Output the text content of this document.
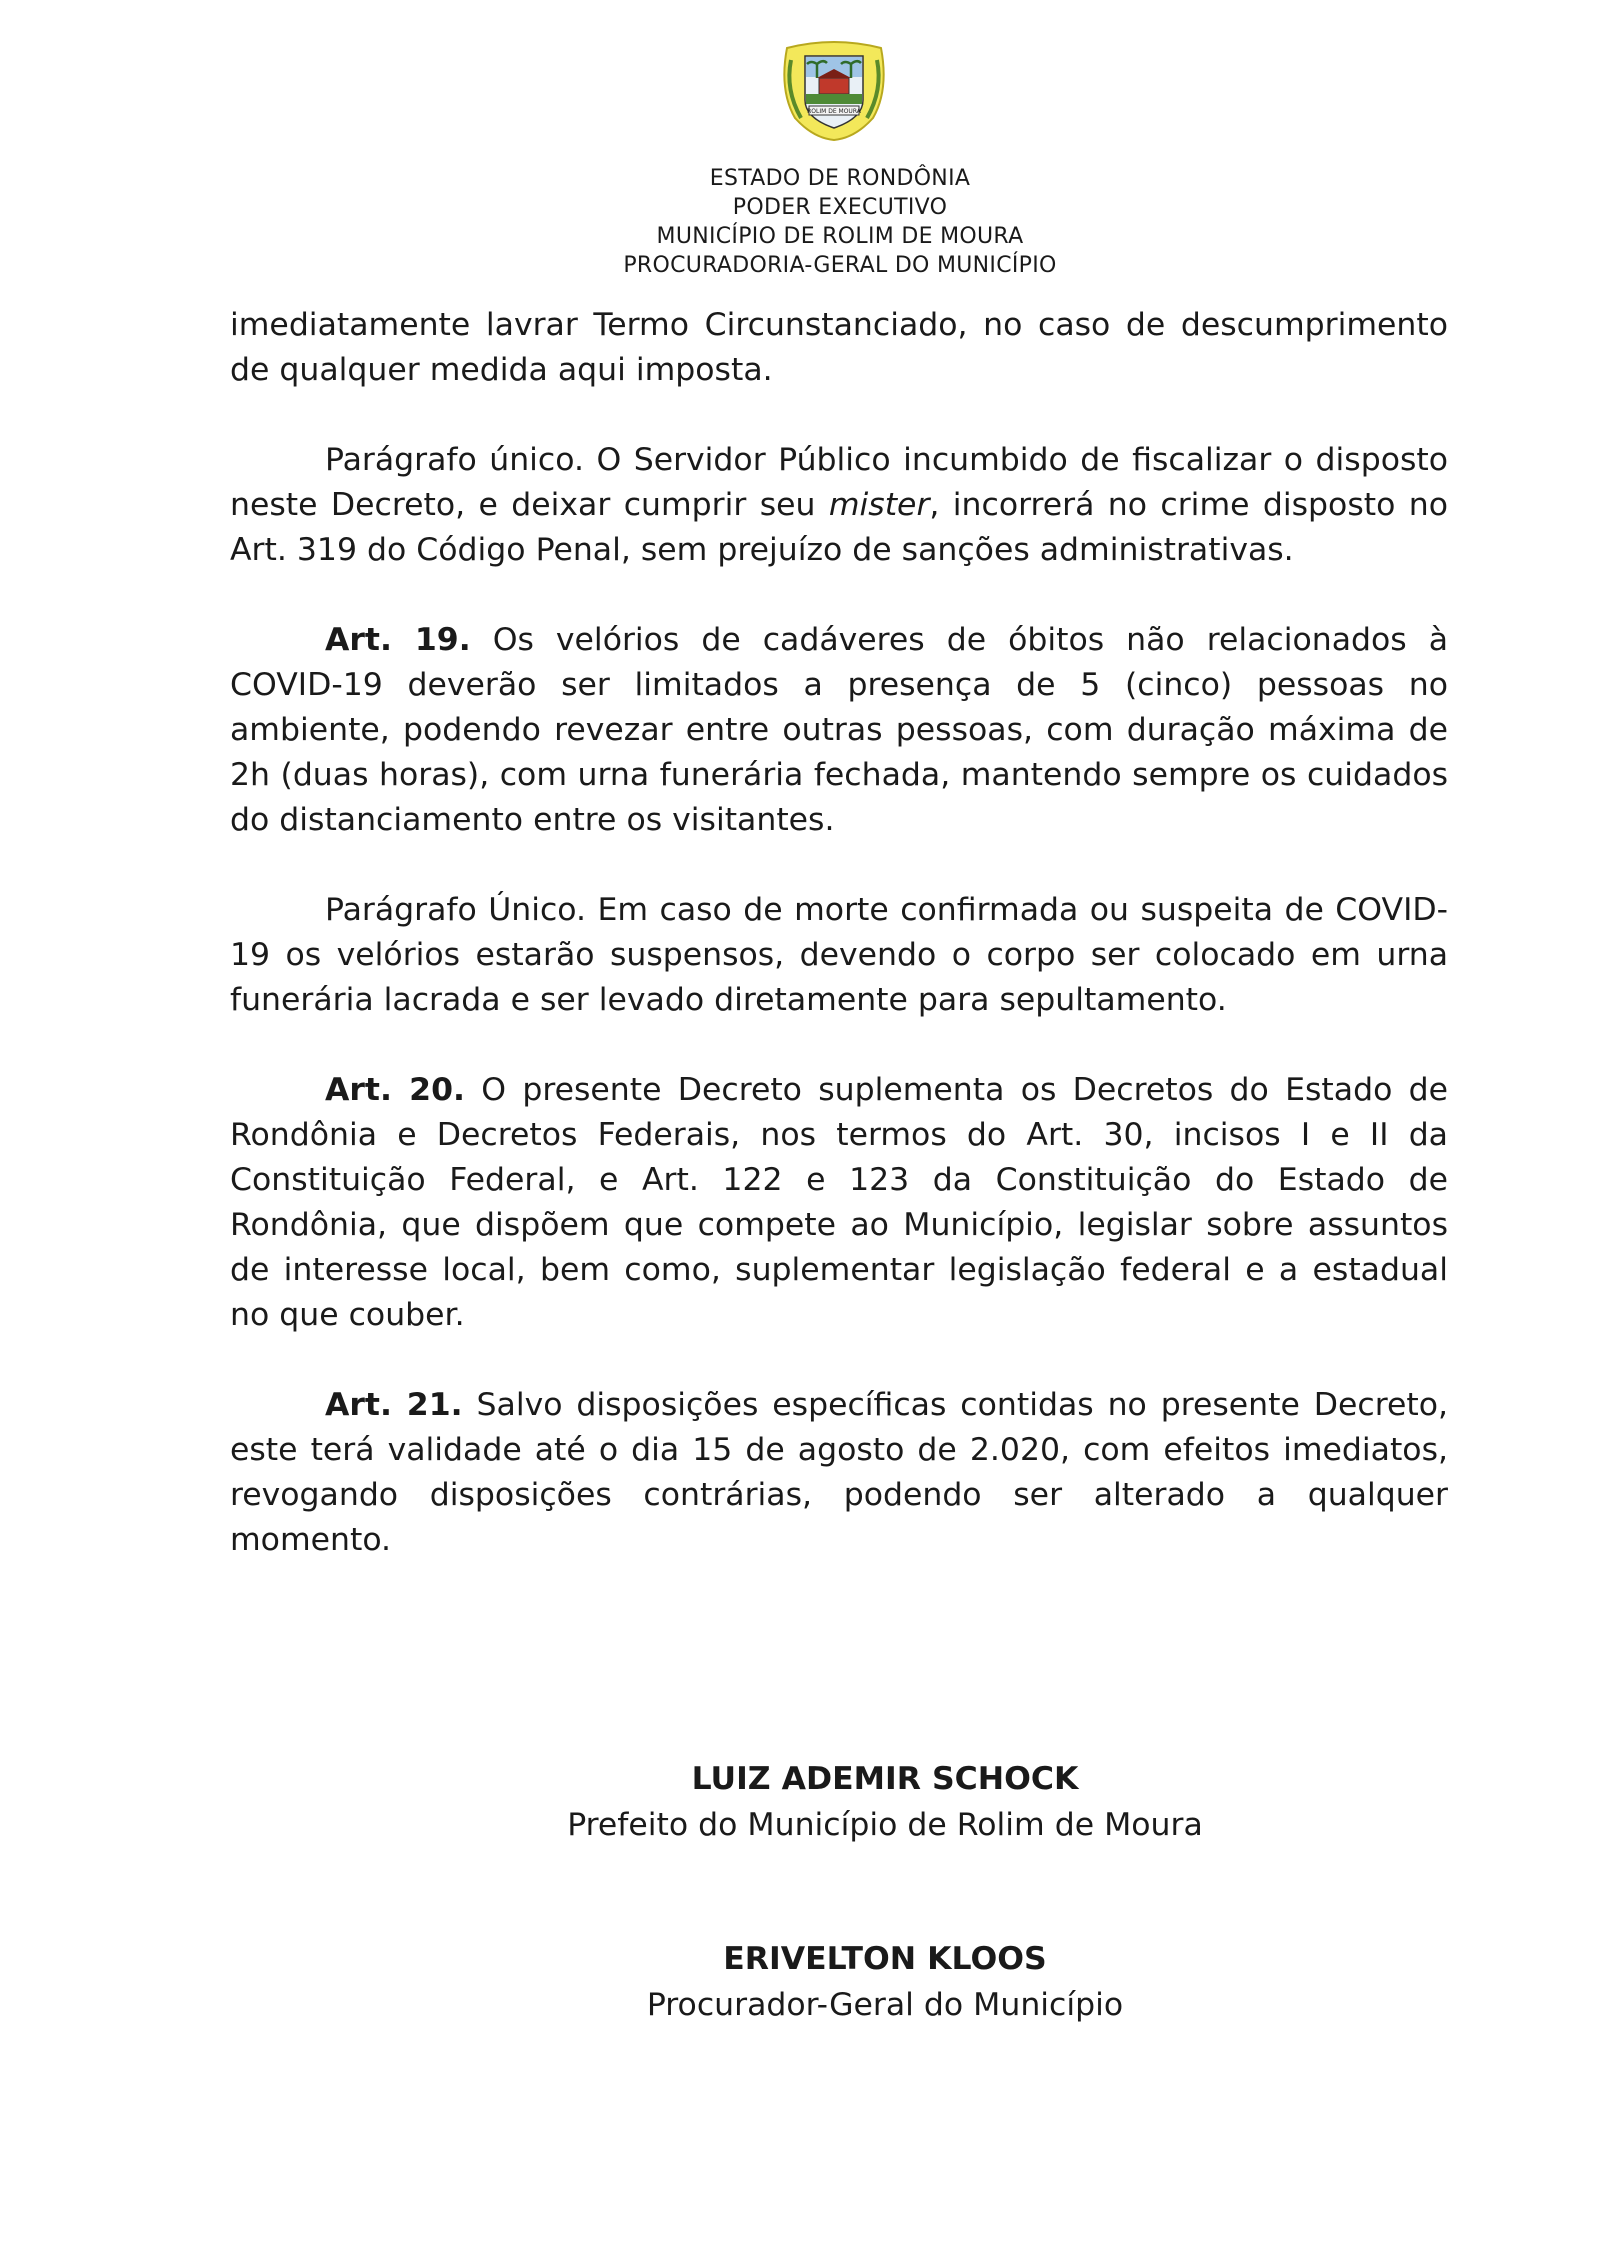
ROLIM DE MOURA
ESTADO DE RONDÔNIA
PODER EXECUTIVO
MUNICÍPIO DE ROLIM DE MOURA
PROCURADORIA-GERAL DO MUNICÍPIO

imediatamente lavrar Termo Circunstanciado, no caso de descumprimento de qualquer medida aqui imposta.

Parágrafo único. O Servidor Público incumbido de fiscalizar o disposto neste Decreto, e deixar cumprir seu mister, incorrerá no crime disposto no Art. 319 do Código Penal, sem prejuízo de sanções administrativas.

Art. 19. Os velórios de cadáveres de óbitos não relacionados à COVID-19 deverão ser limitados a presença de 5 (cinco) pessoas no ambiente, podendo revezar entre outras pessoas, com duração máxima de 2h (duas horas), com urna funerária fechada, mantendo sempre os cuidados do distanciamento entre os visitantes.

Parágrafo Único. Em caso de morte confirmada ou suspeita de COVID-19 os velórios estarão suspensos, devendo o corpo ser colocado em urna funerária lacrada e ser levado diretamente para sepultamento.

Art. 20. O presente Decreto suplementa os Decretos do Estado de Rondônia e Decretos Federais, nos termos do Art. 30, incisos I e II da Constituição Federal, e Art. 122 e 123 da Constituição do Estado de Rondônia, que dispõem que compete ao Município, legislar sobre assuntos de interesse local, bem como, suplementar legislação federal e a estadual no que couber.

Art. 21. Salvo disposições específicas contidas no presente Decreto, este terá validade até o dia 15 de agosto de 2.020, com efeitos imediatos, revogando disposições contrárias, podendo ser alterado a qualquer momento.

LUIZ ADEMIR SCHOCK
Prefeito do Município de Rolim de Moura
ERIVELTON KLOOS
Procurador-Geral do Município
